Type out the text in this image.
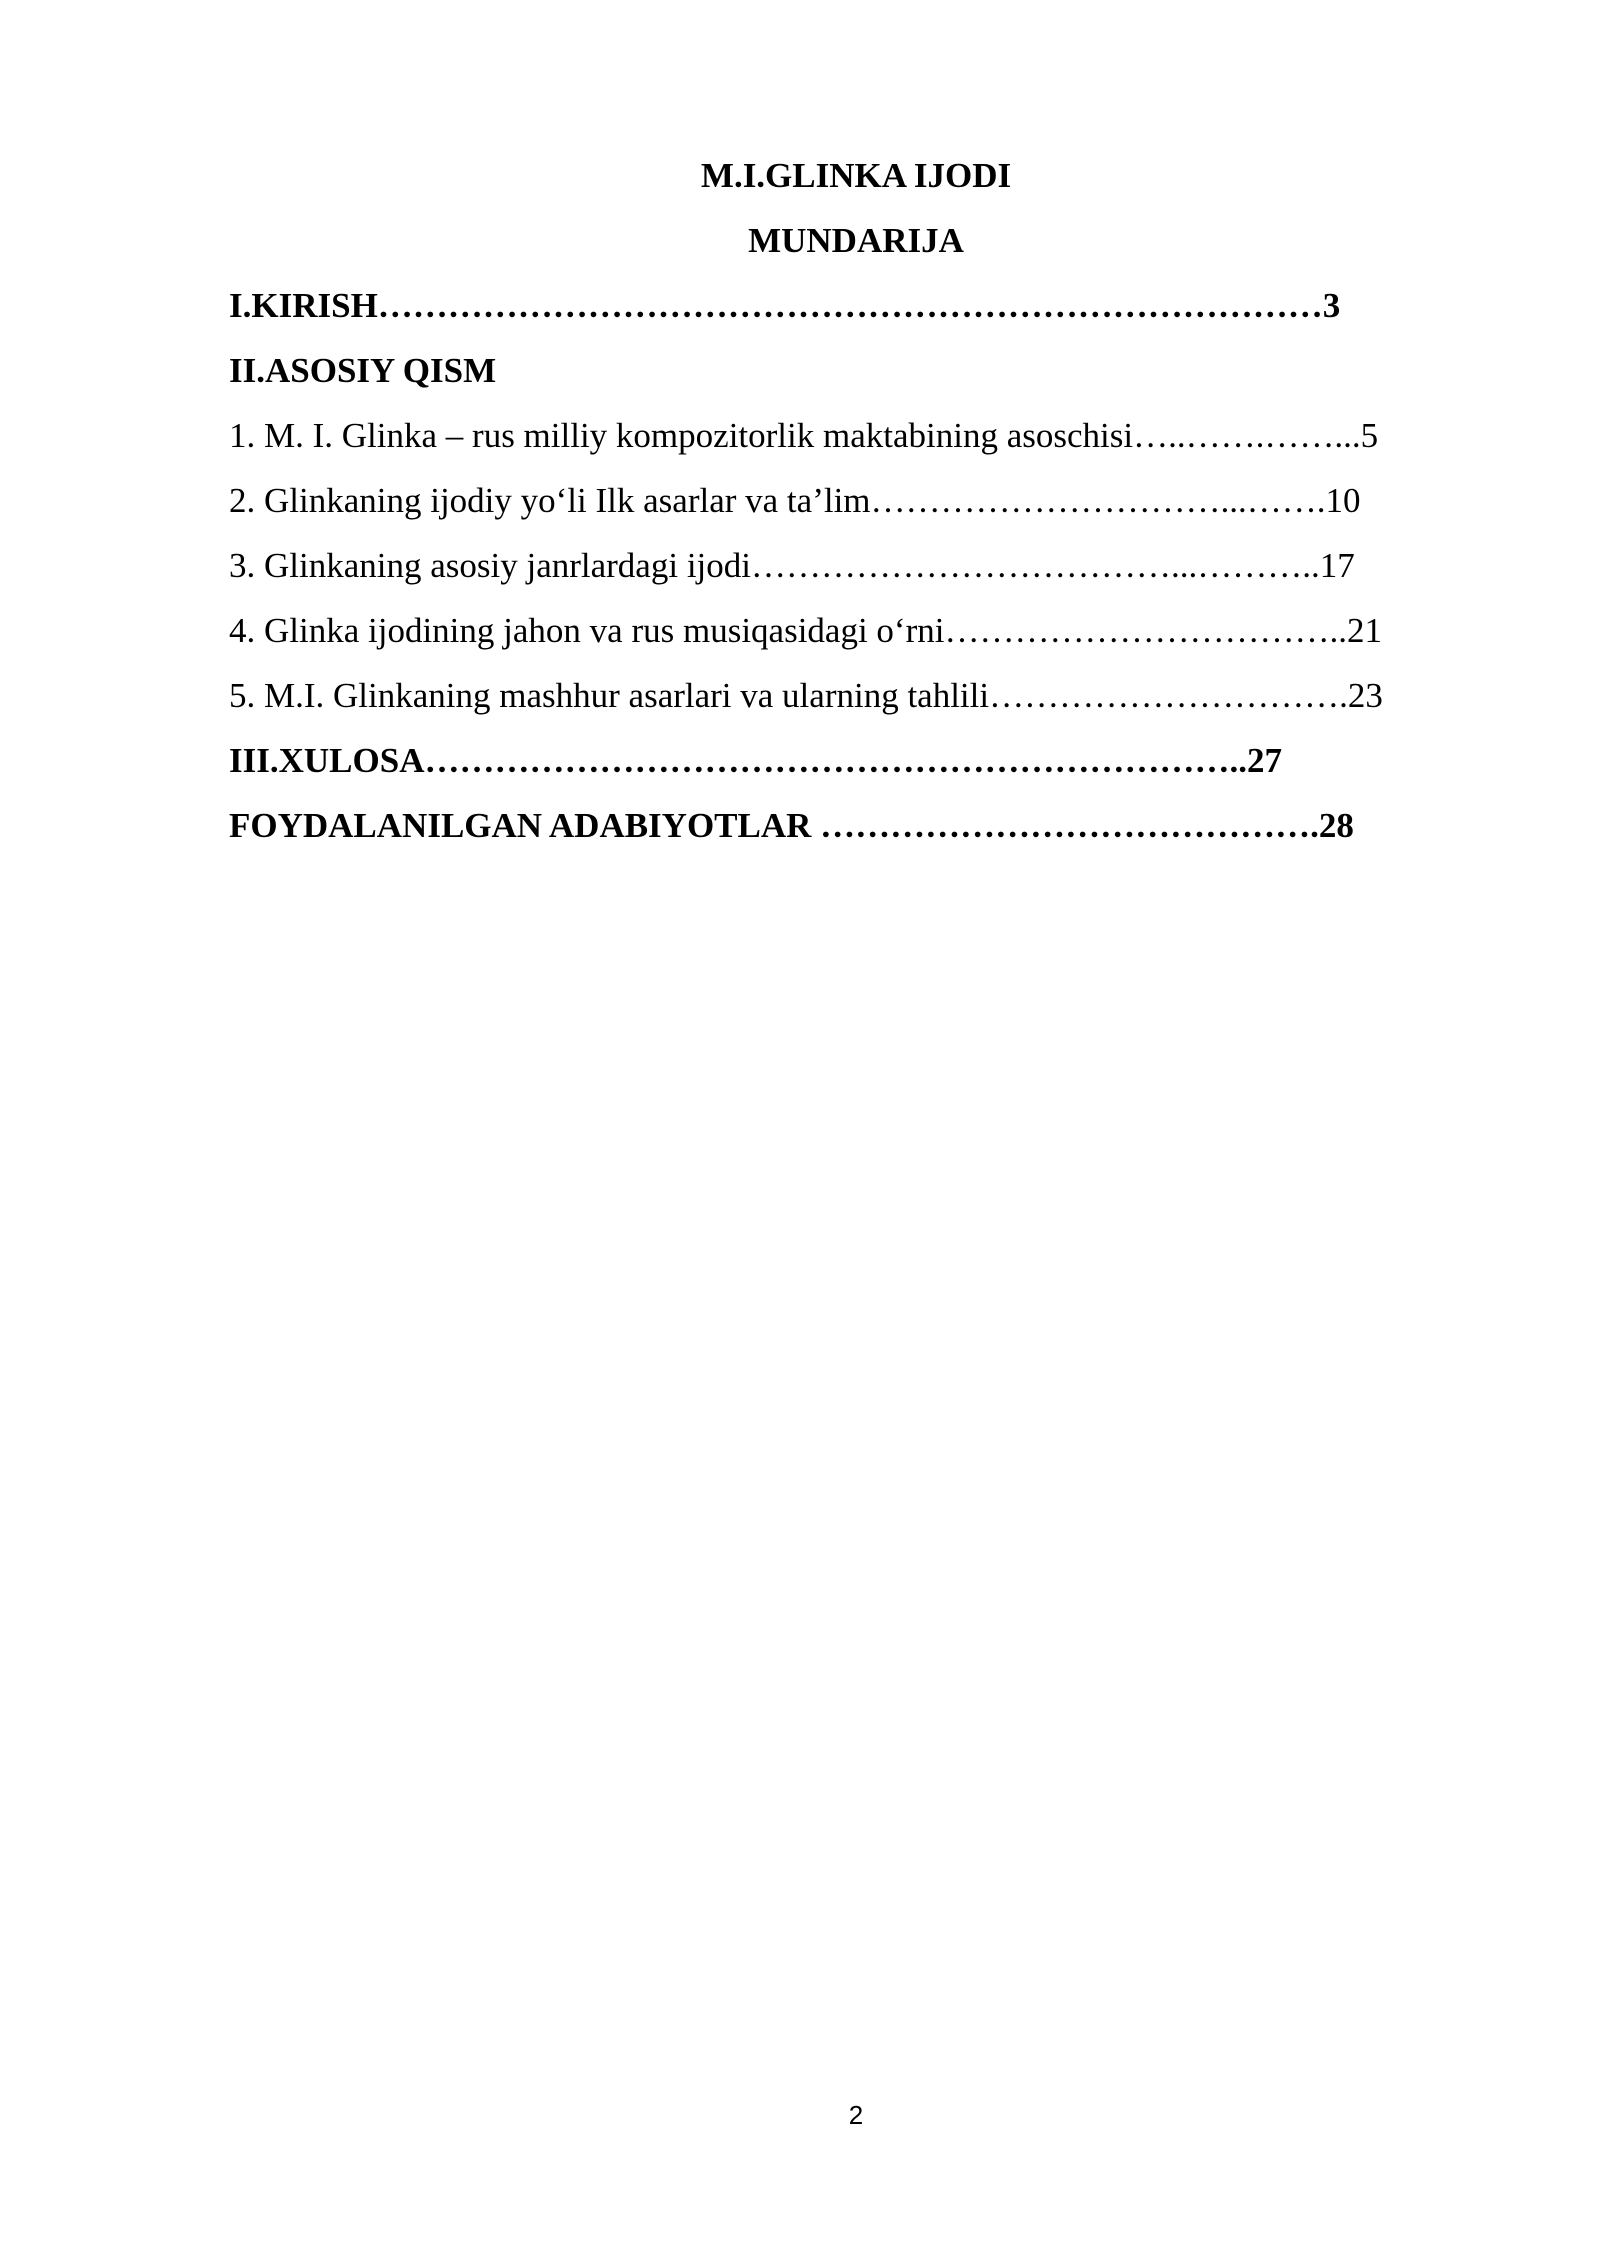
M.I.GLINKA IJODI
MUNDARIJA
I.KIRISH………………………………………………………………………3
II.ASOSIY QISM
1. M. I. Glinka – rus milliy kompozitorlik maktabining asoschisi…..…….……...5
2. Glinkaning ijodiy yo‘li Ilk asarlar va ta’lim…………………………...…….10
3. Glinkaning asosiy janrlardagi ijodi………………………………...………..17
4. Glinka ijodining jahon va rus musiqasidagi o‘rni……………………………..21
5. M.I. Glinkaning mashhur asarlari va ularning tahlili………………………….23
III.XULOSA……………………………………………………………..27
FOYDALANILGAN ADABIYOTLAR …………………………………….28
2
